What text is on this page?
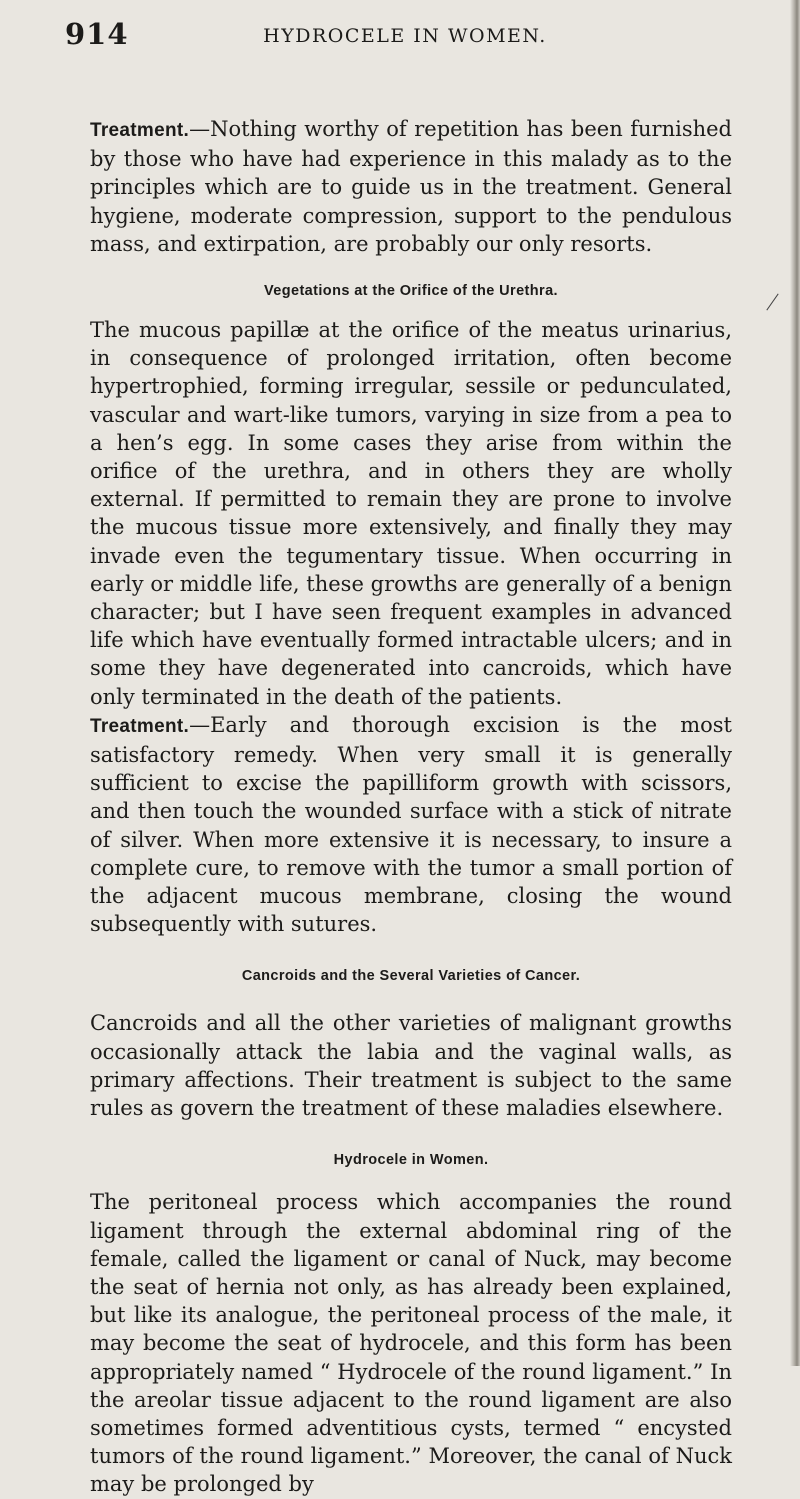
914	HYDROCELE IN WOMEN.

Treatment.—Nothing worthy of repetition has been furnished by those who have had experience in this malady as to the principles which are to guide us in the treatment. General hygiene, moderate compression, support to the pendulous mass, and extirpation, are probably our only resorts.

Vegetations at the Orifice of the Urethra.

The mucous papillæ at the orifice of the meatus urinarius, in consequence of prolonged irritation, often become hypertrophied, forming irregular, sessile or pedunculated, vascular and wart-like tumors, varying in size from a pea to a hen’s egg. In some cases they arise from within the orifice of the urethra, and in others they are wholly external. If permitted to remain they are prone to involve the mucous tissue more extensively, and finally they may invade even the tegumentary tissue. When occurring in early or middle life, these growths are generally of a benign character; but I have seen frequent examples in advanced life which have eventually formed intractable ulcers; and in some they have degenerated into cancroids, which have only terminated in the death of the patients.

Treatment.—Early and thorough excision is the most satisfactory remedy. When very small it is generally sufficient to excise the papilliform growth with scissors, and then touch the wounded surface with a stick of nitrate of silver. When more extensive it is necessary, to insure a complete cure, to remove with the tumor a small portion of the adjacent mucous membrane, closing the wound subsequently with sutures.

Cancroids and the Several Varieties of Cancer.

Cancroids and all the other varieties of malignant growths occasionally attack the labia and the vaginal walls, as primary affections. Their treatment is subject to the same rules as govern the treatment of these maladies elsewhere.

Hydrocele in Women.

The peritoneal process which accompanies the round ligament through the external abdominal ring of the female, called the ligament or canal of Nuck, may become the seat of hernia not only, as has already been explained, but like its analogue, the peritoneal process of the male, it may become the seat of hydrocele, and this form has been appropriately named “ Hydrocele of the round ligament.” In the areolar tissue adjacent to the round ligament are also sometimes formed adventitious cysts, termed “ encysted tumors of the round ligament.” Moreover, the canal of Nuck may be prolonged by
